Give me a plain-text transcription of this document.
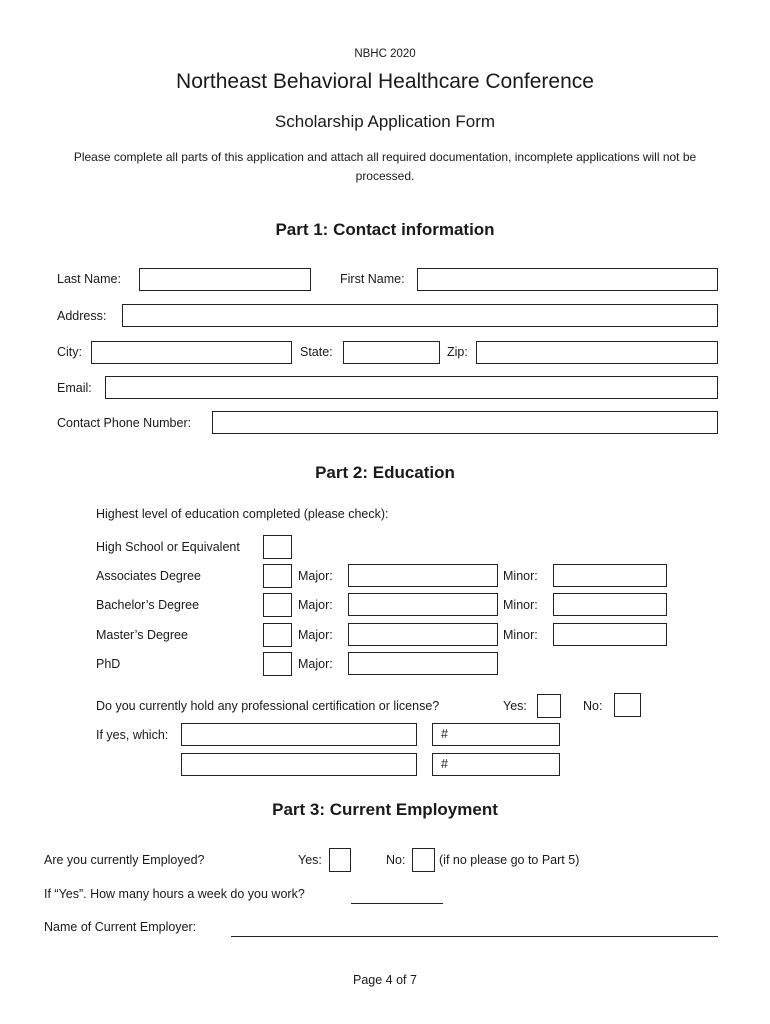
NBHC 2020
Northeast Behavioral Healthcare Conference
Scholarship Application Form
Please complete all parts of this application and attach all required documentation, incomplete applications will not be processed.
Part 1: Contact information
Last Name:	First Name:
Address:
City:	State:	Zip:
Email:
Contact Phone Number:
Part 2: Education
Highest level of education completed (please check):
High School or Equivalent
Associates Degree	Major:	Minor:
Bachelor’s Degree	Major:	Minor:
Master’s Degree	Major:	Minor:
PhD	Major:
Do you currently hold any professional certification or license?	Yes:	No:
If yes, which:	#
#
Part 3: Current Employment
Are you currently Employed?	Yes:	No:	(if no please go to Part 5)
If “Yes”. How many hours a week do you work?
Name of Current Employer:
Page 4 of 7
